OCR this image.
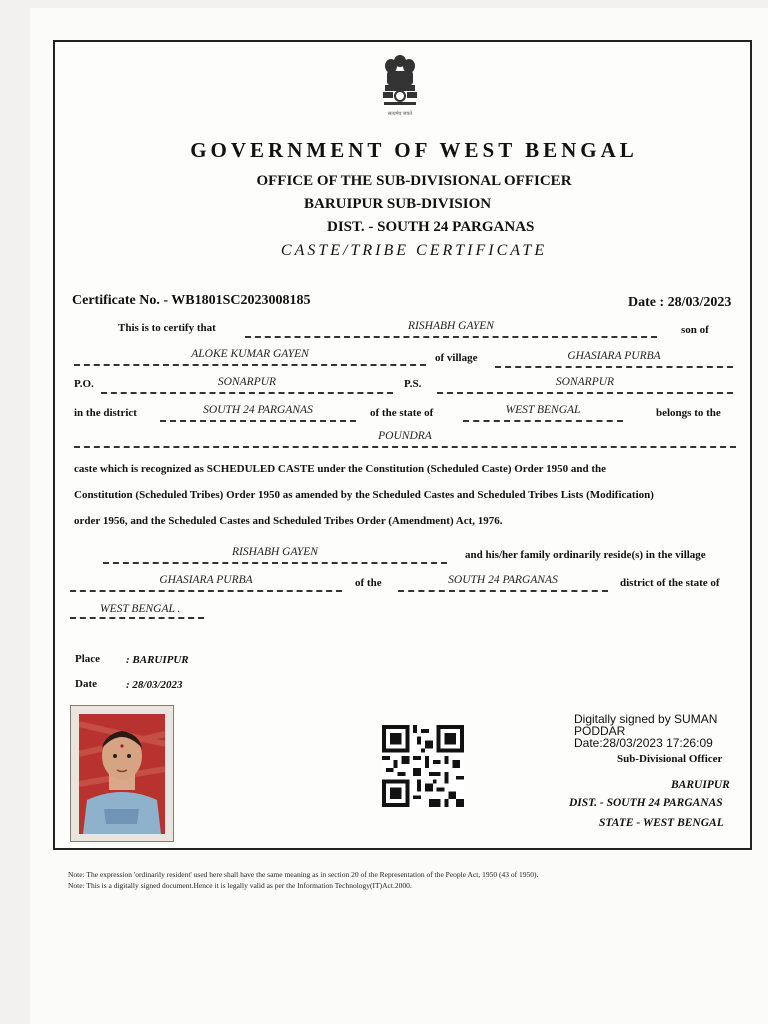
सत्यमेव जयते
GOVERNMENT OF WEST BENGAL
OFFICE OF THE SUB-DIVISIONAL OFFICER
BARUIPUR SUB-DIVISION
DIST. - SOUTH 24 PARGANAS
CASTE/TRIBE CERTIFICATE
Certificate No. - WB1801SC2023008185	Date : 28/03/2023
This is to certify that	RISHABH GAYEN	son of
ALOKE KUMAR GAYEN	of village	GHASIARA PURBA
P.O.	SONARPUR	P.S.	SONARPUR
in the district	SOUTH 24 PARGANAS	of the state of	WEST BENGAL	belongs to the
POUNDRA
caste which is recognized as SCHEDULED CASTE under the Constitution (Scheduled Caste) Order 1950 and the
Constitution (Scheduled Tribes) Order 1950 as amended by the Scheduled Castes and Scheduled Tribes Lists (Modification)
order 1956, and the Scheduled Castes and Scheduled Tribes Order (Amendment) Act, 1976.
RISHABH GAYEN	and his/her family ordinarily reside(s) in the village
GHASIARA PURBA	of the	SOUTH 24 PARGANAS	district of the state of
WEST BENGAL .
Place : BARUIPUR
Date	: 28/03/2023
Digitally signed by SUMAN
PODDAR
Date:28/03/2023 17:26:09
Sub-Divisional Officer
BARUIPUR
DIST. - SOUTH 24 PARGANAS
STATE - WEST BENGAL
Note: The expression 'ordinarily resident' used here shall have the same meaning as in section 20 of the Representation of the People Act, 1950 (43 of 1950).
Note: This is a digitally signed document.Hence it is legally valid as per the Information Technology(IT)Act.2000.
